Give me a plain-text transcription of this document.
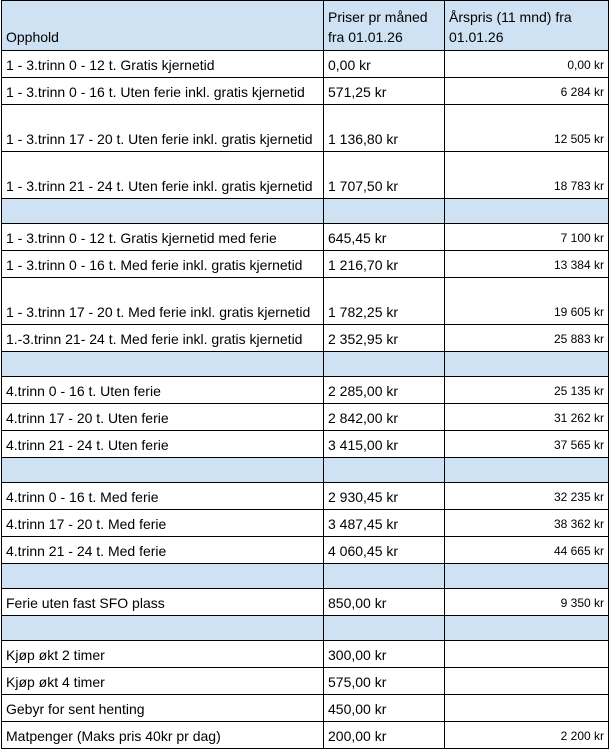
Opphold	Priser pr måned fra 01.01.26	Årspris (11 mnd) fra 01.01.26
1 - 3.trinn 0 - 12 t. Gratis kjernetid	0,00 kr	0,00 kr
1 - 3.trinn 0 - 16 t. Uten ferie inkl. gratis kjernetid	571,25 kr	6 284 kr
1 - 3.trinn 17 - 20 t. Uten ferie inkl. gratis kjernetid	1 136,80 kr	12 505 kr
1 - 3.trinn 21 - 24 t. Uten ferie inkl. gratis kjernetid	1 707,50 kr	18 783 kr

1 - 3.trinn 0 - 12 t. Gratis kjernetid med ferie	645,45 kr	7 100 kr
1 - 3.trinn 0 - 16 t. Med ferie inkl. gratis kjernetid	1 216,70 kr	13 384 kr
1 - 3.trinn 17 - 20 t. Med ferie inkl. gratis kjernetid	1 782,25 kr	19 605 kr
1.-3.trinn 21- 24 t. Med ferie inkl. gratis kjernetid	2 352,95 kr	25 883 kr

4.trinn 0 - 16 t. Uten ferie	2 285,00 kr	25 135 kr
4.trinn 17 - 20 t. Uten ferie	2 842,00 kr	31 262 kr
4.trinn 21 - 24 t. Uten ferie	3 415,00 kr	37 565 kr

4.trinn 0 - 16 t. Med ferie	2 930,45 kr	32 235 kr
4.trinn 17 - 20 t. Med ferie	3 487,45 kr	38 362 kr
4.trinn 21 - 24 t. Med ferie	4 060,45 kr	44 665 kr

Ferie uten fast SFO plass	850,00 kr	9 350 kr

Kjøp økt 2 timer	300,00 kr	
Kjøp økt 4 timer	575,00 kr	
Gebyr for sent henting	450,00 kr	
Matpenger (Maks pris 40kr pr dag)	200,00 kr	2 200 kr
